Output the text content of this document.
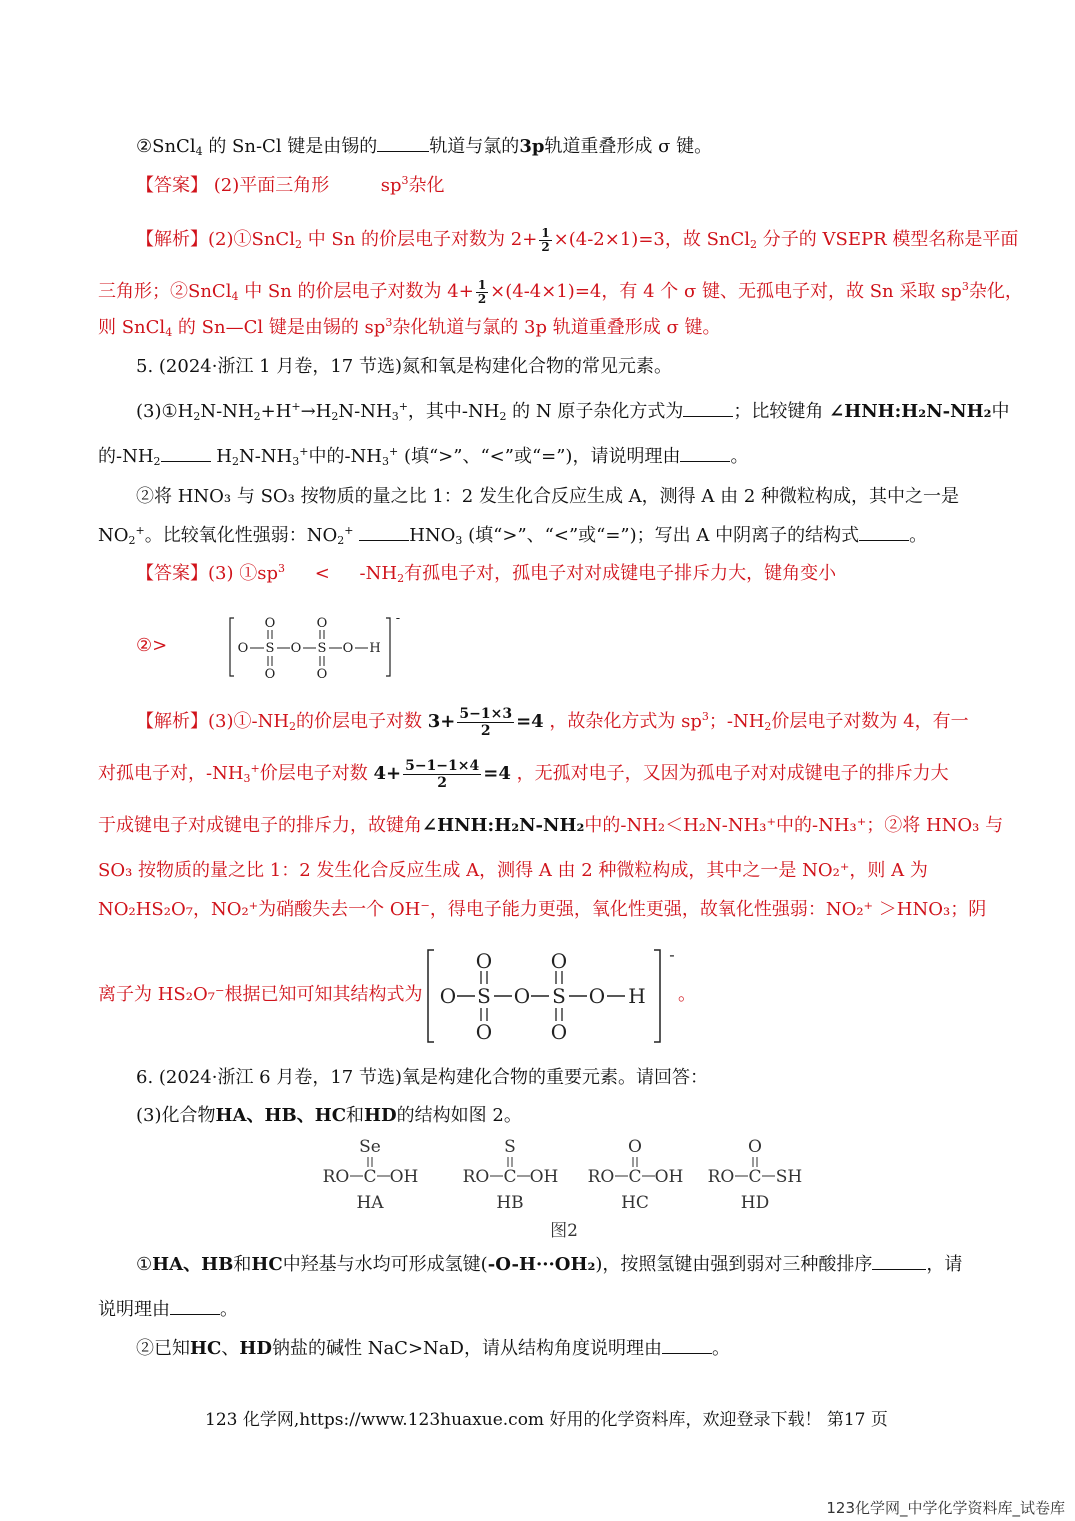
②SnCl$_4$ 的 Sn-Cl 键是由锡的	轨道与氯的3p轨道重叠形成 σ 键。
【答案】 (2)平面三角形	$sp^3$杂化
【解析】(2)①SnCl$_2$ 中 Sn 的价层电子对数为 $2+ \frac{1}{2} \times(4-2\times 1)=3$，故 SnCl$_2$ 分子的 VSEPR 模型名称是平面
三角形；②SnCl$_4$ 中 Sn 的价层电子对数为 $4+ \frac{1}{2} \times(4-4\times 1)=4$，有 4 个 σ 键、无孤电子对，故 Sn 采取 $sp^3$杂化，
则 SnCl$_4$ 的 Sn—Cl 键是由锡的 $sp^3$杂化轨道与氯的 3p 轨道重叠形成 σ 键。
5. (2024·浙江 1 月卷，17 节选)氮和氧是构建化合物的常见元素。
$(3)①H_2N-NH_2+H^+\to H_2N-NH_3^+$，其中$-NH_2$ 的 N 原子杂化方式为	；比较键角 ∠HNH:H₂N-NH₂中
的$-NH_2$	$H_2N-NH_3^+$中的$-NH_3^+$ (填“>”、“<”或“=”)，请说明理由	。
②将 HNO₃ 与 SO₃ 按物质的量之比 1：2 发生化合反应生成 A，测得 A 由 2 种微粒构成，其中之一是
$NO_2^+$。比较氧化性强弱：$NO_2^+$	$HNO_3$ (填“>”、“<”或“=”)；写出 A 中阴离子的结构式	。
【答案】(3) $①sp^3 < -NH_2$有孤电子对，孤电子对对成键电子排斥力大，键角变小
②>	O S
O
O
O S
O
O
O H
-
【解析】$(3)①-NH_2$的价层电子对数 $3+ \frac{5-1\times 3}{2} =4$ ，故杂化方式为 $sp^3$；$-NH_2$价层电子对数为 4，有一
对孤电子对，$-NH_3^+$价层电子对数 $4+ \frac{5-1-1\times 4}{2} =4$ ，无孤对电子，又因为孤电子对对成键电子的排斥力大
于成键电子对成键电子的排斥力，故键角∠HNH:H₂N-NH₂中的-NH₂＜H₂N-NH₃⁺中的-NH₃⁺；②将 HNO₃ 与
SO₃ 按物质的量之比 1：2 发生化合反应生成 A，测得 A 由 2 种微粒构成，其中之一是 NO₂⁺，则 A 为
NO₂HS₂O₇，NO₂⁺为硝酸失去一个 OH⁻，得电子能力更强，氧化性更强，故氧化性强弱：NO₂⁺ ＞HNO₃；阴
离子为 HS₂O₇⁻根据已知可知其结构式为	。
O S
O
O
O S
O
O
O H
-
6. (2024·浙江 6 月卷，17 节选)氧是构建化合物的重要元素。请回答：
(3)化合物HA、HB、HC和HD的结构如图 2。
Se
C
RO OH
HA
S
C
RO OH
HB
O
C
RO OH
HC
O
C
RO SH
HD
图2
①HA、HB和HC中羟基与水均可形成氢键(-O-H···OH₂)，按照氢键由强到弱对三种酸排序	，请
说明理由	。
②已知HC、HD钠盐的碱性 NaC>NaD，请从结构角度说明理由	。
123 化学网,https://www.123huaxue.com 好用的化学资料库，欢迎登录下载！ 第17 页
123化学网_中学化学资料库_试卷库
